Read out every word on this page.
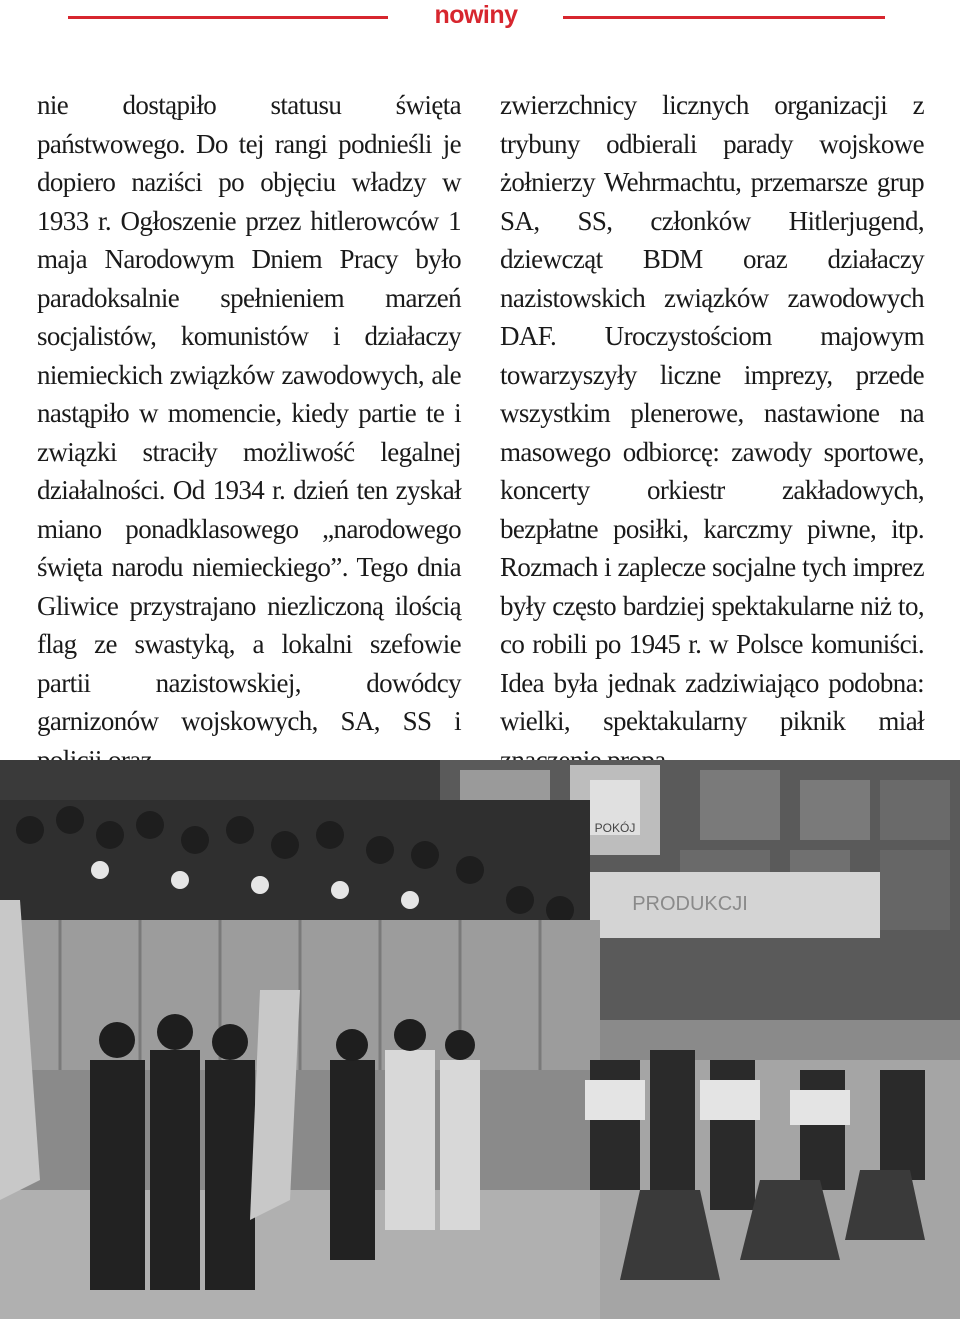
nowiny

nie dostąpiło statusu święta państwowego. Do tej rangi podnieśli je dopiero naziści po objęciu władzy w 1933 r. Ogłoszenie przez hitlerowców 1 maja Narodowym Dniem Pracy było paradoksalnie spełnieniem marzeń socjalistów, komunistów i działaczy niemieckich związków zawodowych, ale nastąpiło w momencie, kiedy partie te i związki straciły możliwość legalnej działalności. Od 1934 r. dzień ten zyskał miano ponadklasowego „narodowego święta narodu niemieckiego”. Tego dnia Gliwice przystrajano niezliczoną ilością flag ze swastyką, a lokalni szefowie partii nazistowskiej, dowódcy garnizonów wojskowych, SA, SS i

zwierzchnicy licznych organizacji z trybuny odbierali parady wojskowe żołnierzy Wehrmachtu, przemarsze grup SA, SS, członków Hitlerjugend, dziewcząt BDM oraz działaczy nazistowskich związków zawodowych DAF. Uroczystościom majowym towarzyszyły liczne imprezy, przede wszystkim plenerowe, nastawione na masowego odbiorcę: zawody sportowe, koncerty orkiestr zakładowych, bezpłatne posiłki, karczmy piwne, itp. Rozmach i zaplecze socjalne tych imprez były często bardziej spektakularne niż to, co robili po 1945 r. w Polsce komuniści. Idea była jednak zadziwiająco podobna: wielki, spektakularny piknik miał

PRODUKCJI
POKÓJ
